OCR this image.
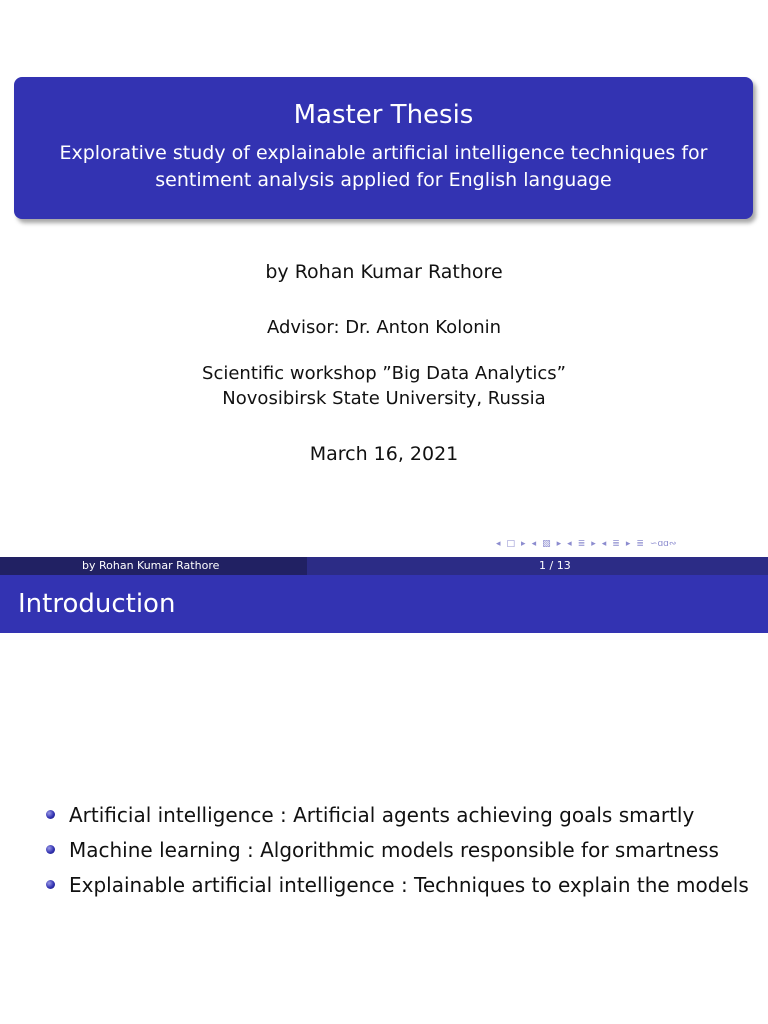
Master Thesis
Explorative study of explainable artificial intelligence techniques for sentiment analysis applied for English language
by Rohan Kumar Rathore
Advisor: Dr. Anton Kolonin
Scientific workshop ”Big Data Analytics”
Novosibirsk State University, Russia
March 16, 2021
◂ □ ▸ ◂ ▧ ▸ ◂ ≣ ▸ ◂ ≣ ▸ ≣ ∽ɑɑ∾
by Rohan Kumar Rathore	1 / 13
Introduction
Artificial intelligence : Artificial agents achieving goals smartly
Machine learning : Algorithmic models responsible for smartness
Explainable artificial intelligence : Techniques to explain the models
